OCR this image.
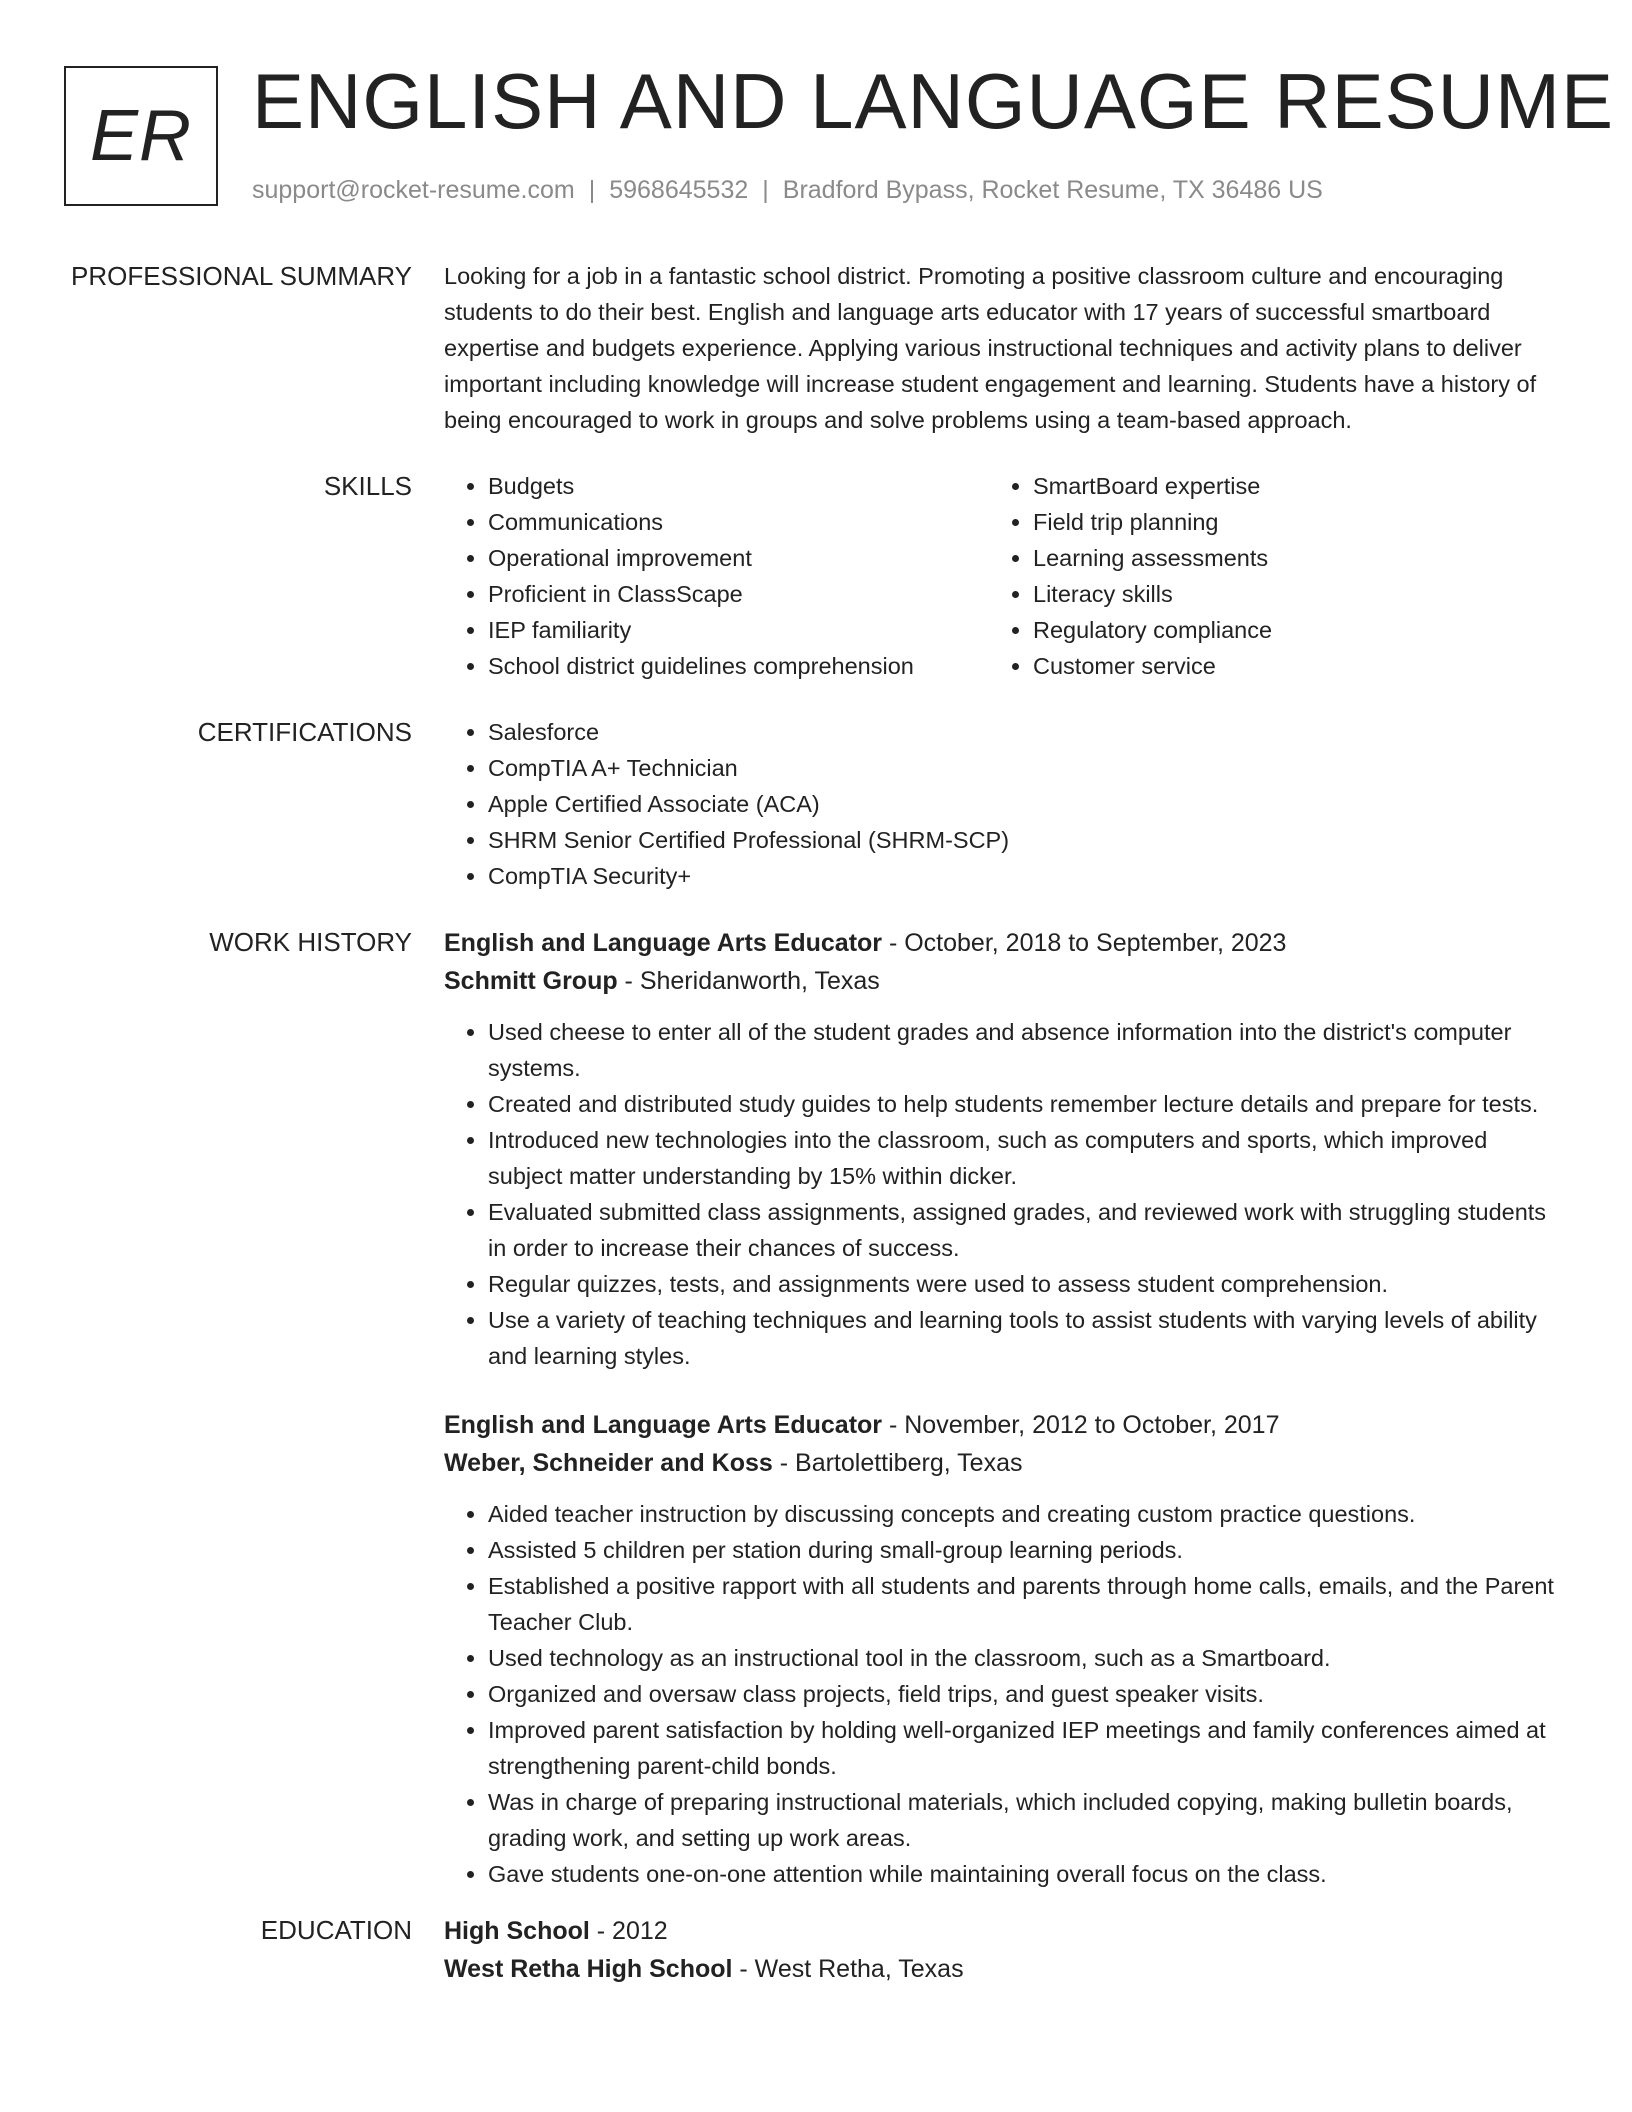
ER ENGLISH AND LANGUAGE RESUME
support@rocket-resume.com | 5968645532 | Bradford Bypass, Rocket Resume, TX 36486 US
PROFESSIONAL SUMMARY Looking for a job in a fantastic school district. Promoting a positive classroom culture and encouraging students to do their best. English and language arts educator with 17 years of successful smartboard expertise and budgets experience. Applying various instructional techniques and activity plans to deliver important including knowledge will increase student engagement and learning. Students have a history of being encouraged to work in groups and solve problems using a team-based approach.

SKILLS	• Budgets
• Communications
• Operational improvement
• Proficient in ClassScape
• IEP familiarity
• School district guidelines comprehension
• SmartBoard expertise
• Field trip planning
• Learning assessments
• Literacy skills
• Regulatory compliance
• Customer service
CERTIFICATIONS	• Salesforce
• CompTIA A+ Technician
• Apple Certified Associate (ACA)
• SHRM Senior Certified Professional (SHRM-SCP)
• CompTIA Security+
WORK HISTORY English and Language Arts Educator - October, 2018 to September, 2023
Schmitt Group - Sheridanworth, Texas
• Used cheese to enter all of the student grades and absence information into the district's computer systems.
• Created and distributed study guides to help students remember lecture details and prepare for tests.
• Introduced new technologies into the classroom, such as computers and sports, which improved subject matter understanding by 15% within dicker.
• Evaluated submitted class assignments, assigned grades, and reviewed work with struggling students in order to increase their chances of success.
• Regular quizzes, tests, and assignments were used to assess student comprehension.
• Use a variety of teaching techniques and learning tools to assist students with varying levels of ability and learning styles.
English and Language Arts Educator - November, 2012 to October, 2017
Weber, Schneider and Koss - Bartolettiberg, Texas
• Aided teacher instruction by discussing concepts and creating custom practice questions.
• Assisted 5 children per station during small-group learning periods.
• Established a positive rapport with all students and parents through home calls, emails, and the Parent Teacher Club.
• Used technology as an instructional tool in the classroom, such as a Smartboard.
• Organized and oversaw class projects, field trips, and guest speaker visits.
• Improved parent satisfaction by holding well-organized IEP meetings and family conferences aimed at strengthening parent-child bonds.
• Was in charge of preparing instructional materials, which included copying, making bulletin boards, grading work, and setting up work areas.
• Gave students one-on-one attention while maintaining overall focus on the class.
EDUCATION High School - 2012
West Retha High School - West Retha, Texas
